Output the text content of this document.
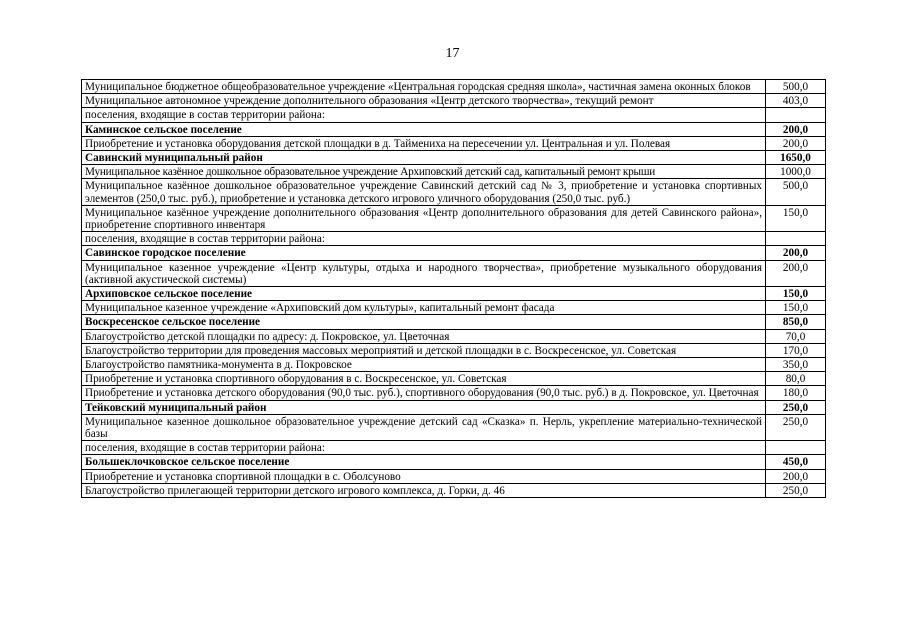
17
Муниципальное бюджетное общеобразовательное учреждение «Центральная городская средняя школа», частичная замена оконных блоков	500,0
Муниципальное автономное учреждение дополнительного образования «Центр детского творчества», текущий ремонт	403,0
поселения, входящие в состав территории района:	
Каминское сельское поселение	200,0
Приобретение и установка оборудования детской площадки в д. Таймениха на пересечении ул. Центральная и ул. Полевая	200,0
Савинский муниципальный район	1650,0
Муниципальное казённое дошкольное образовательное учреждение Архиповский детский сад, капитальный ремонт крыши	1000,0
Муниципальное казённое дошкольное образовательное учреждение Савинский детский сад № 3, приобретение и установка спортивных элементов (250,0 тыс. руб.), приобретение и установка детского игрового уличного оборудования (250,0 тыс. руб.)	500,0
Муниципальное казённое учреждение дополнительного образования «Центр дополнительного образования для детей Савинского района», приобретение спортивного инвентаря	150,0
поселения, входящие в состав территории района:	
Савинское городское поселение	200,0
Муниципальное казенное учреждение «Центр культуры, отдыха и народного творчества», приобретение музыкального оборудования (активной акустической системы)	200,0
Архиповское сельское поселение	150,0
Муниципальное казенное учреждение «Архиповский дом культуры», капитальный ремонт фасада	150,0
Воскресенское сельское поселение	850,0
Благоустройство детской площадки по адресу: д. Покровское, ул. Цветочная	70,0
Благоустройство территории для проведения массовых мероприятий и детской площадки в с. Воскресенское, ул. Советская	170,0
Благоустройство памятника-монумента в д. Покровское	350,0
Приобретение и установка спортивного оборудования в с. Воскресенское, ул. Советская	80,0
Приобретение и установка детского оборудования (90,0 тыс. руб.), спортивного оборудования (90,0 тыс. руб.) в д. Покровское, ул. Цветочная	180,0
Тейковский муниципальный район	250,0
Муниципальное казенное дошкольное образовательное учреждение детский сад «Сказка» п. Нерль, укрепление материально-технической базы	250,0
поселения, входящие в состав территории района:	
Большеклочковское сельское поселение	450,0
Приобретение и установка спортивной площадки в с. Оболсуново	200,0
Благоустройство прилегающей территории детского игрового комплекса, д. Горки, д. 46	250,0
